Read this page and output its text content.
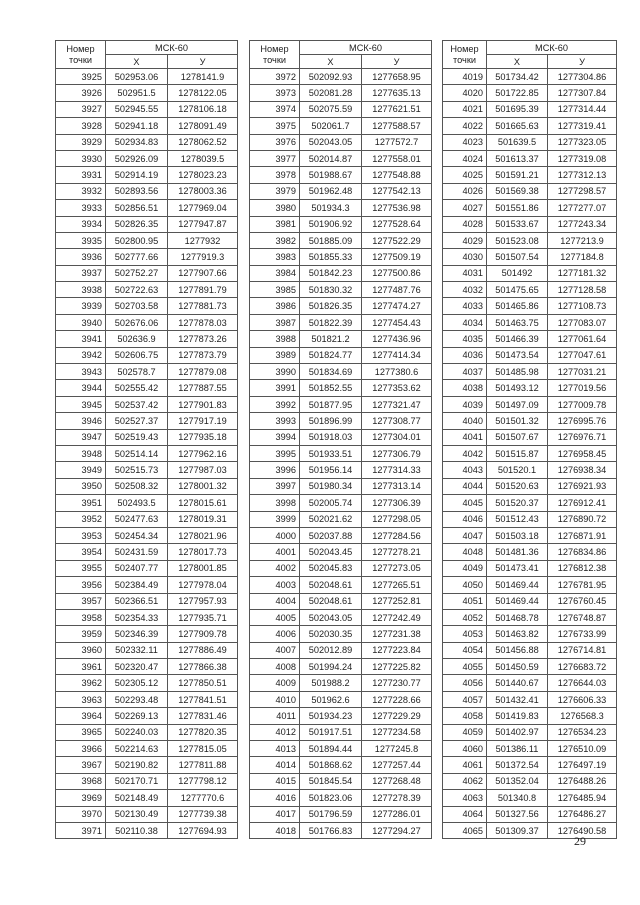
Номер точки	МСК-60	
	Х	У
3925	502953.06	1278141.9
3926	502951.5	1278122.05
3927	502945.55	1278106.18
3928	502941.18	1278091.49
3929	502934.83	1278062.52
3930	502926.09	1278039.5
3931	502914.19	1278023.23
3932	502893.56	1278003.36
3933	502856.51	1277969.04
3934	502826.35	1277947.87
3935	502800.95	1277932
3936	502777.66	1277919.3
3937	502752.27	1277907.66
3938	502722.63	1277891.79
3939	502703.58	1277881.73
3940	502676.06	1277878.03
3941	502636.9	1277873.26
3942	502606.75	1277873.79
3943	502578.7	1277879.08
3944	502555.42	1277887.55
3945	502537.42	1277901.83
3946	502527.37	1277917.19
3947	502519.43	1277935.18
3948	502514.14	1277962.16
3949	502515.73	1277987.03
3950	502508.32	1278001.32
3951	502493.5	1278015.61
3952	502477.63	1278019.31
3953	502454.34	1278021.96
3954	502431.59	1278017.73
3955	502407.77	1278001.85
3956	502384.49	1277978.04
3957	502366.51	1277957.93
3958	502354.33	1277935.71
3959	502346.39	1277909.78
3960	502332.11	1277886.49
3961	502320.47	1277866.38
3962	502305.12	1277850.51
3963	502293.48	1277841.51
3964	502269.13	1277831.46
3965	502240.03	1277820.35
3966	502214.63	1277815.05
3967	502190.82	1277811.88
3968	502170.71	1277798.12
3969	502148.49	1277770.6
3970	502130.49	1277739.38
3971	502110.38	1277694.93
Номер точки	МСК-60	
	Х	У
3972	502092.93	1277658.95
3973	502081.28	1277635.13
3974	502075.59	1277621.51
3975	502061.7	1277588.57
3976	502043.05	1277572.7
3977	502014.87	1277558.01
3978	501988.67	1277548.88
3979	501962.48	1277542.13
3980	501934.3	1277536.98
3981	501906.92	1277528.64
3982	501885.09	1277522.29
3983	501855.33	1277509.19
3984	501842.23	1277500.86
3985	501830.32	1277487.76
3986	501826.35	1277474.27
3987	501822.39	1277454.43
3988	501821.2	1277436.96
3989	501824.77	1277414.34
3990	501834.69	1277380.6
3991	501852.55	1277353.62
3992	501877.95	1277321.47
3993	501896.99	1277308.77
3994	501918.03	1277304.01
3995	501933.51	1277306.79
3996	501956.14	1277314.33
3997	501980.34	1277313.14
3998	502005.74	1277306.39
3999	502021.62	1277298.05
4000	502037.88	1277284.56
4001	502043.45	1277278.21
4002	502045.83	1277273.05
4003	502048.61	1277265.51
4004	502048.61	1277252.81
4005	502043.05	1277242.49
4006	502030.35	1277231.38
4007	502012.89	1277223.84
4008	501994.24	1277225.82
4009	501988.2	1277230.77
4010	501962.6	1277228.66
4011	501934.23	1277229.29
4012	501917.51	1277234.58
4013	501894.44	1277245.8
4014	501868.62	1277257.44
4015	501845.54	1277268.48
4016	501823.06	1277278.39
4017	501796.59	1277286.01
4018	501766.83	1277294.27
Номер точки	МСК-60	
	Х	У
4019	501734.42	1277304.86
4020	501722.85	1277307.84
4021	501695.39	1277314.44
4022	501665.63	1277319.41
4023	501639.5	1277323.05
4024	501613.37	1277319.08
4025	501591.21	1277312.13
4026	501569.38	1277298.57
4027	501551.86	1277277.07
4028	501533.67	1277243.34
4029	501523.08	1277213.9
4030	501507.54	1277184.8
4031	501492	1277181.32
4032	501475.65	1277128.58
4033	501465.86	1277108.73
4034	501463.75	1277083.07
4035	501466.39	1277061.64
4036	501473.54	1277047.61
4037	501485.98	1277031.21
4038	501493.12	1277019.56
4039	501497.09	1277009.78
4040	501501.32	1276995.76
4041	501507.67	1276976.71
4042	501515.87	1276958.45
4043	501520.1	1276938.34
4044	501520.63	1276921.93
4045	501520.37	1276912.41
4046	501512.43	1276890.72
4047	501503.18	1276871.91
4048	501481.36	1276834.86
4049	501473.41	1276812.38
4050	501469.44	1276781.95
4051	501469.44	1276760.45
4052	501468.78	1276748.87
4053	501463.82	1276733.99
4054	501456.88	1276714.81
4055	501450.59	1276683.72
4056	501440.67	1276644.03
4057	501432.41	1276606.33
4058	501419.83	1276568.3
4059	501402.97	1276534.23
4060	501386.11	1276510.09
4061	501372.54	1276497.19
4062	501352.04	1276488.26
4063	501340.8	1276485.94
4064	501327.56	1276486.27
4065	501309.37	1276490.58
29
